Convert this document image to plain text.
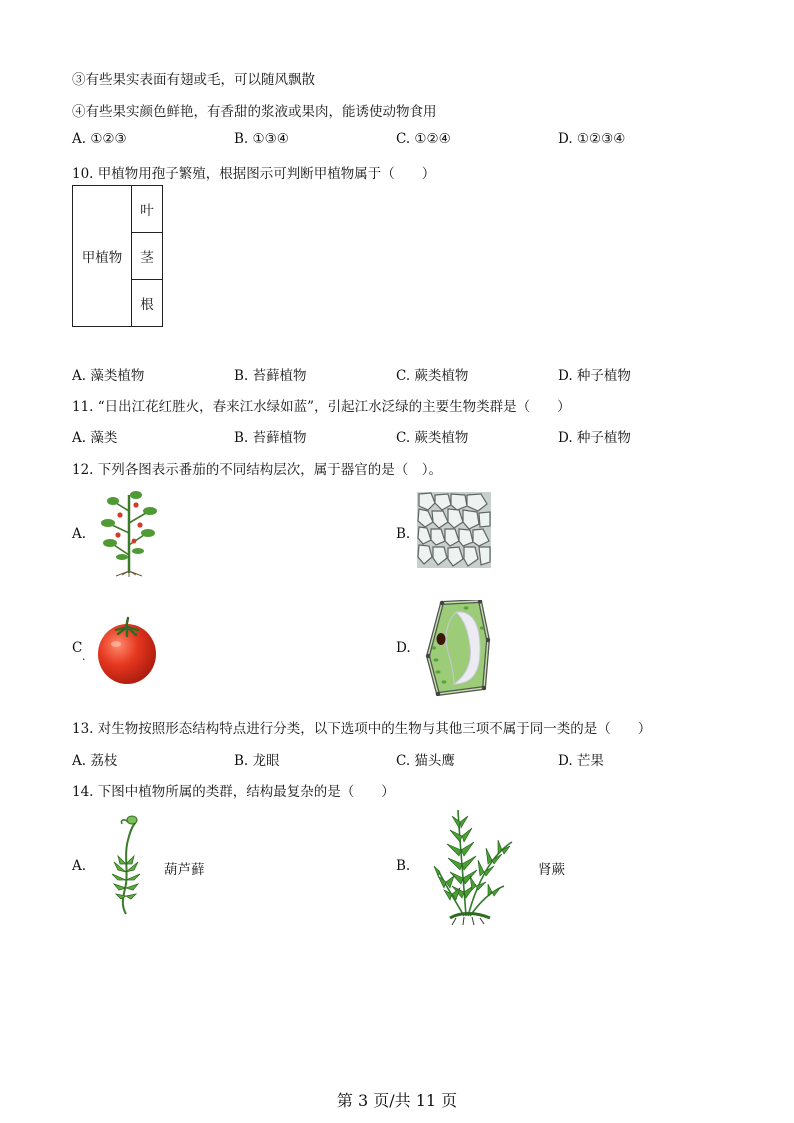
③有些果实表面有翅或毛，可以随风飘散
④有些果实颜色鲜艳，有香甜的浆液或果肉，能诱使动物食用
A. ①②③	B. ①③④	C. ①②④	D. ①②③④
10. 甲植物用孢子繁殖，根据图示可判断甲植物属于（　　）
甲植物	叶
茎
根
A. 藻类植物	B. 苔藓植物	C. 蕨类植物	D. 种子植物
11. “日出江花红胜火，春来江水绿如蓝”，引起江水泛绿的主要生物类群是（　　）
A. 藻类	B. 苔藓植物	C. 蕨类植物	D. 种子植物
12. 下列各图表示番茄的不同结构层次，属于器官的是（　）。
A.	B.
C
.
D.
13. 对生物按照形态结构特点进行分类，以下选项中的生物与其他三项不属于同一类的是（　　）
A. 荔枝	B. 龙眼	C. 猫头鹰	D. 芒果
14. 下图中植物所属的类群，结构最复杂的是（　　）
A.	葫芦藓	B.	肾蕨
第 3 页/共 11 页
